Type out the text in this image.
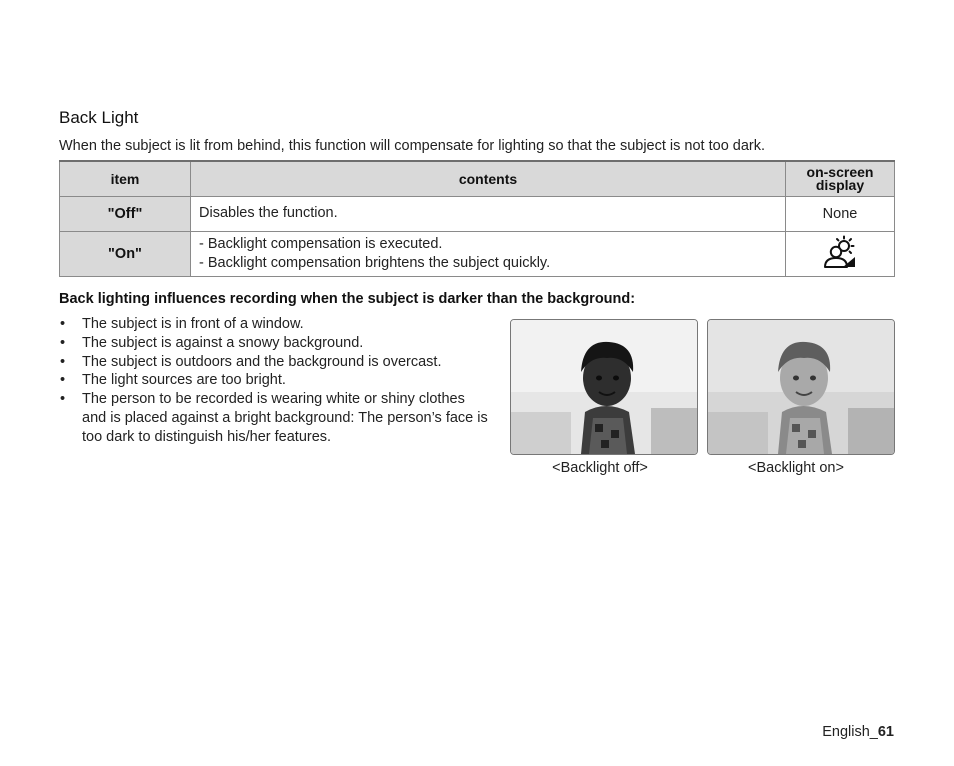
Back Light
When the subject is lit from behind, this function will compensate for lighting so that the subject is not too dark.
item	contents	on-screen
display

"Off"	Disables the function.	None
"On"	- Backlight compensation is executed.
- Backlight compensation brightens the subject quickly.

Back lighting influences recording when the subject is darker than the background:
• The subject is in front of a window.
• The subject is against a snowy background.
• The subject is outdoors and the background is overcast.
• The light sources are too bright.
• The person to be recorded is wearing white or shiny clothes and is placed against a bright background: The person’s face is too dark to distinguish his/her features.
<Backlight off>	<Backlight on>
English_61
